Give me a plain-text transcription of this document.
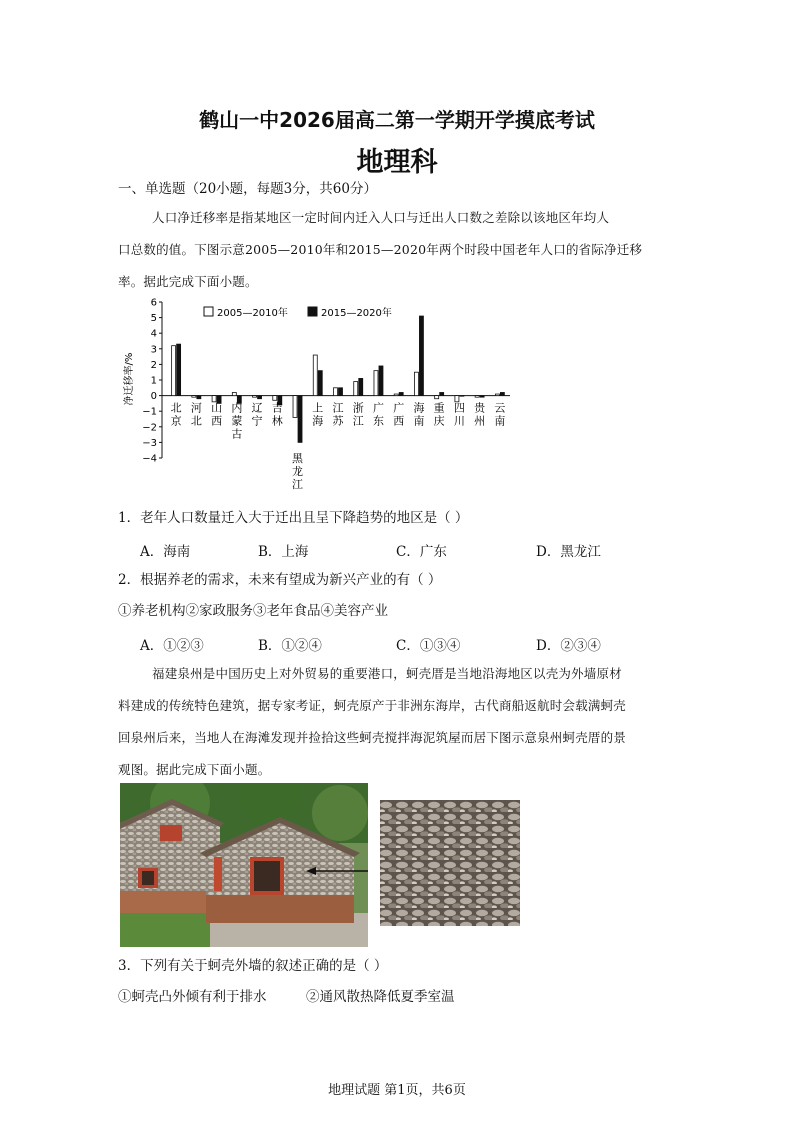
鹤山一中2026届高二第一学期开学摸底考试
地理科
一、单选题（20小题，每题3分，共60分）
人口净迁移率是指某地区一定时间内迁入人口与迁出人口数之差除以该地区年均人
口总数的值。下图示意2005—2010年和2015—2020年两个时段中国老年人口的省际净迁移
率。据此完成下面小题。
6
5
4
3
2
1
0
−1
−2
−3
−4
北
京
河
北
山
西
内
蒙
古
辽
宁
吉
林
黑
龙
江
上
海
江
苏
浙
江
广
东
广
西
海
南
重
庆
四
川
贵
州
云
南
2005—2010年	2015—2020年
净迁移率/%
1．老年人口数量迁入大于迁出且呈下降趋势的地区是（ ）
A．海南	B．上海	C．广东	D．黑龙江
2．根据养老的需求，未来有望成为新兴产业的有（ ）
①养老机构②家政服务③老年食品④美容产业
A．①②③	B．①②④	C．①③④	D．②③④
福建泉州是中国历史上对外贸易的重要港口，蚵壳厝是当地沿海地区以壳为外墙原材
料建成的传统特色建筑，据专家考证，蚵壳原产于非洲东海岸，古代商船返航时会载满蚵壳
回泉州后来，当地人在海滩发现并捡拾这些蚵壳搅拌海泥筑屋而居下图示意泉州蚵壳厝的景
观图。据此完成下面小题。
3．下列有关于蚵壳外墙的叙述正确的是（ ）
①蚵壳凸外倾有利于排水	②通风散热降低夏季室温
地理试题 第1页，共6页
